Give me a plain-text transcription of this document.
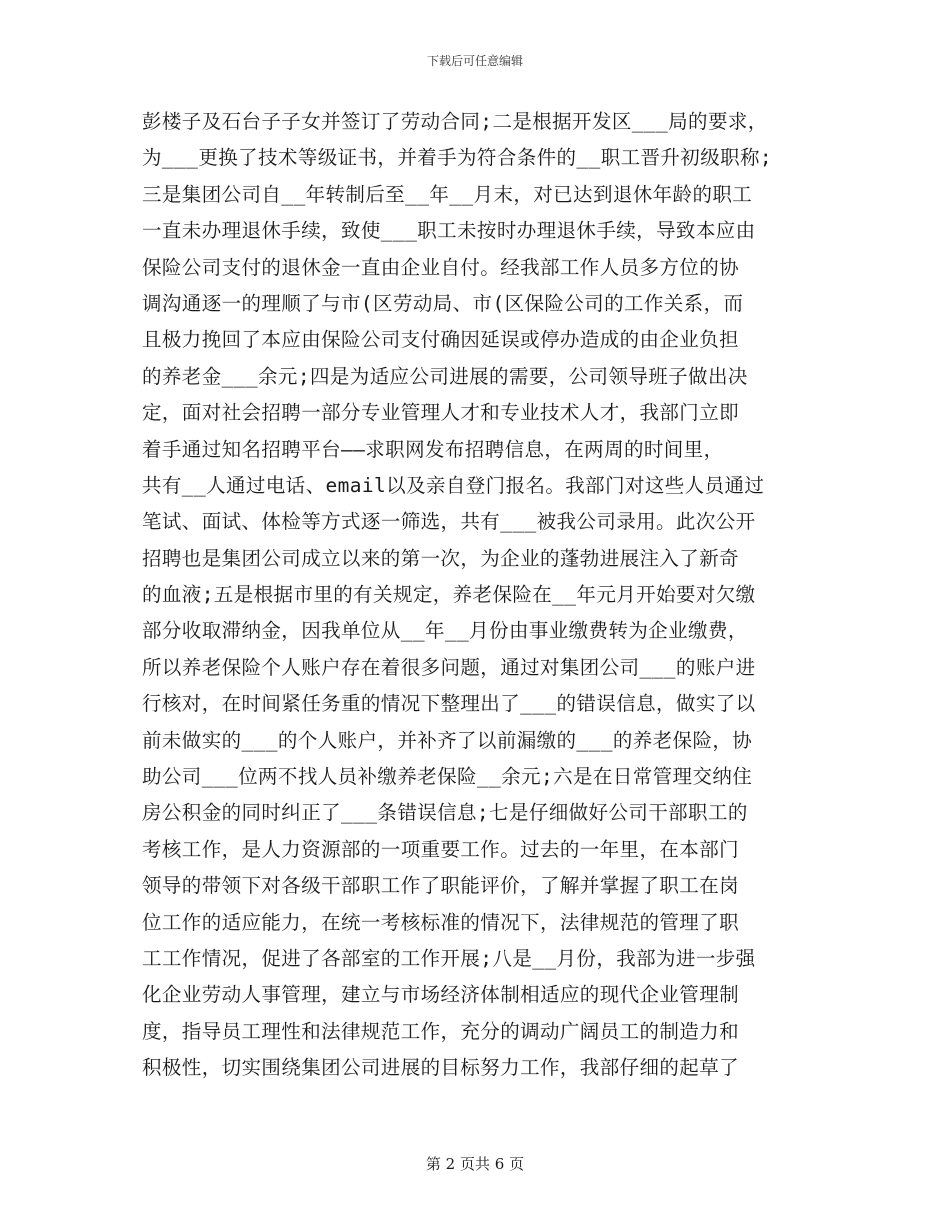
下载后可任意编辑
彭楼子及石台子子女并签订了劳动合同;二是根据开发区___局的要求，
为___更换了技术等级证书，并着手为符合条件的__职工晋升初级职称;
三是集团公司自__年转制后至__年__月末，对已达到退休年龄的职工
一直未办理退休手续，致使___职工未按时办理退休手续，导致本应由
保险公司支付的退休金一直由企业自付。经我部工作人员多方位的协
调沟通逐一的理顺了与市(区劳动局、市(区保险公司的工作关系，而
且极力挽回了本应由保险公司支付确因延误或停办造成的由企业负担
的养老金___余元;四是为适应公司进展的需要，公司领导班子做出决
定，面对社会招聘一部分专业管理人才和专业技术人才，我部门立即
着手通过知名招聘平台——求职网发布招聘信息，在两周的时间里，
共有__人通过电话、email以及亲自登门报名。我部门对这些人员通过
笔试、面试、体检等方式逐一筛选，共有___被我公司录用。此次公开
招聘也是集团公司成立以来的第一次，为企业的蓬勃进展注入了新奇
的血液;五是根据市里的有关规定，养老保险在__年元月开始要对欠缴
部分收取滞纳金，因我单位从__年__月份由事业缴费转为企业缴费，
所以养老保险个人账户存在着很多问题，通过对集团公司___的账户进
行核对，在时间紧任务重的情况下整理出了___的错误信息，做实了以
前未做实的___的个人账户，并补齐了以前漏缴的___的养老保险，协
助公司___位两不找人员补缴养老保险__余元;六是在日常管理交纳住
房公积金的同时纠正了___条错误信息;七是仔细做好公司干部职工的
考核工作，是人力资源部的一项重要工作。过去的一年里，在本部门
领导的带领下对各级干部职工作了职能评价，了解并掌握了职工在岗
位工作的适应能力，在统一考核标准的情况下，法律规范的管理了职
工工作情况，促进了各部室的工作开展;八是__月份，我部为进一步强
化企业劳动人事管理，建立与市场经济体制相适应的现代企业管理制
度，指导员工理性和法律规范工作，充分的调动广阔员工的制造力和
积极性，切实围绕集团公司进展的目标努力工作，我部仔细的起草了
第 2 页共 6 页
